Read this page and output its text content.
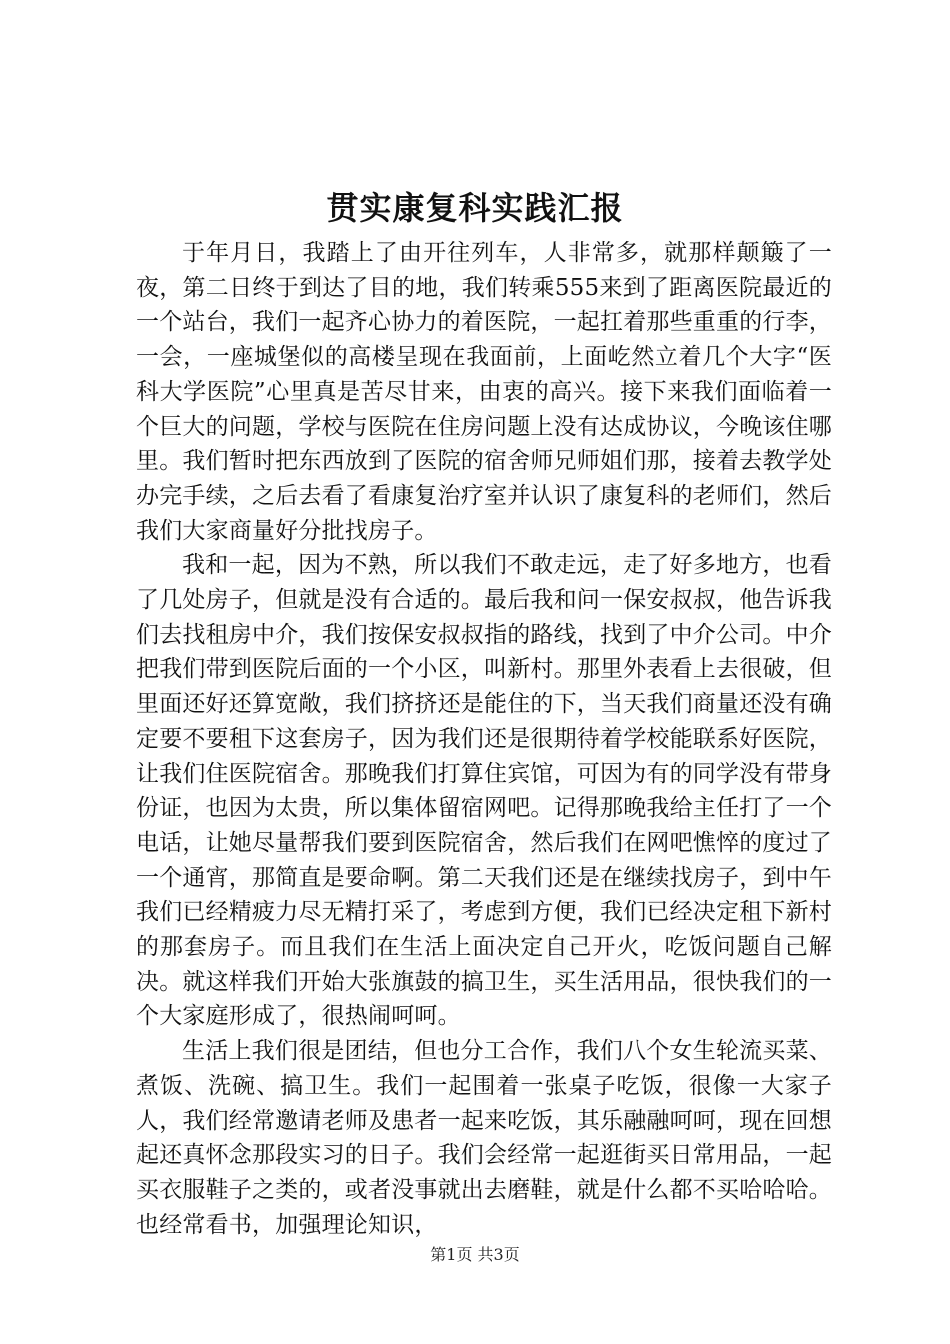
贯实康复科实践汇报

于年月日，我踏上了由开往列车，人非常多，就那样颠簸了一夜，第二日终于到达了目的地，我们转乘555来到了距离医院最近的一个站台，我们一起齐心协力的着医院，一起扛着那些重重的行李，一会，一座城堡似的高楼呈现在我面前，上面屹然立着几个大字“医科大学医院”心里真是苦尽甘来，由衷的高兴。接下来我们面临着一个巨大的问题，学校与医院在住房问题上没有达成协议，今晚该住哪里。我们暂时把东西放到了医院的宿舍师兄师姐们那，接着去教学处办完手续，之后去看了看康复治疗室并认识了康复科的老师们，然后我们大家商量好分批找房子。

我和一起，因为不熟，所以我们不敢走远，走了好多地方，也看了几处房子，但就是没有合适的。最后我和问一保安叔叔，他告诉我们去找租房中介，我们按保安叔叔指的路线，找到了中介公司。中介把我们带到医院后面的一个小区，叫新村。那里外表看上去很破，但里面还好还算宽敞，我们挤挤还是能住的下，当天我们商量还没有确定要不要租下这套房子，因为我们还是很期待着学校能联系好医院，让我们住医院宿舍。那晚我们打算住宾馆，可因为有的同学没有带身份证，也因为太贵，所以集体留宿网吧。记得那晚我给主任打了一个电话，让她尽量帮我们要到医院宿舍，然后我们在网吧憔悴的度过了一个通宵，那简直是要命啊。第二天我们还是在继续找房子，到中午我们已经精疲力尽无精打采了，考虑到方便，我们已经决定租下新村的那套房子。而且我们在生活上面决定自己开火，吃饭问题自己解决。就这样我们开始大张旗鼓的搞卫生，买生活用品，很快我们的一个大家庭形成了，很热闹呵呵。

生活上我们很是团结，但也分工合作，我们八个女生轮流买菜、煮饭、洗碗、搞卫生。我们一起围着一张桌子吃饭，很像一大家子人，我们经常邀请老师及患者一起来吃饭，其乐融融呵呵，现在回想起还真怀念那段实习的日子。我们会经常一起逛街买日常用品，一起买衣服鞋子之类的，或者没事就出去磨鞋，就是什么都不买哈哈哈。也经常看书，加强理论知识，

第1页 共3页
